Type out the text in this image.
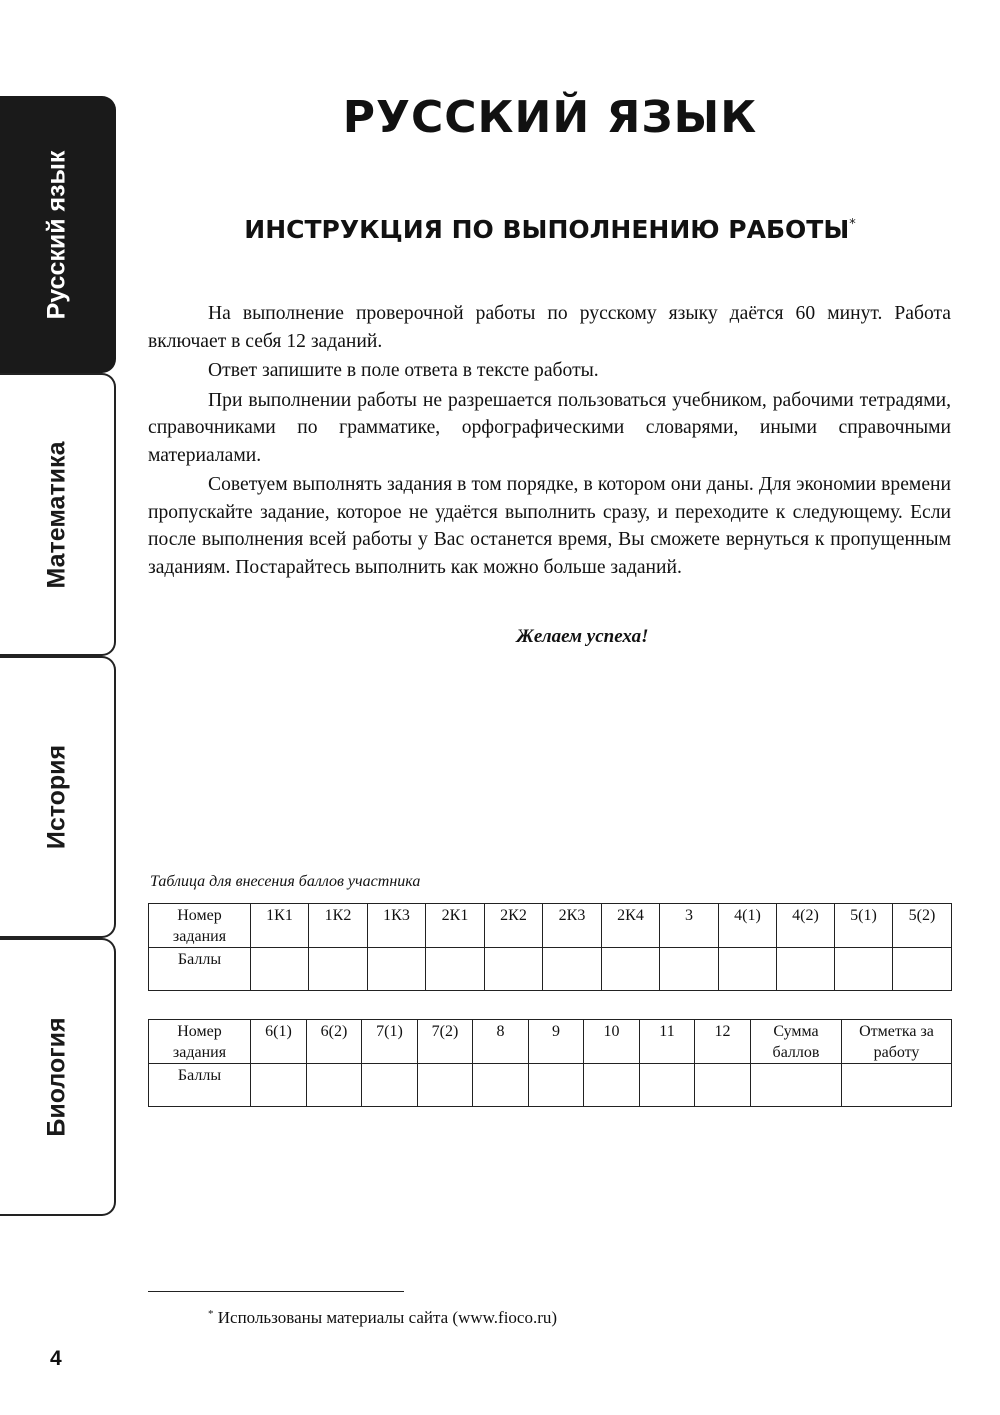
Русский язык
Математика
История
Биология
РУССКИЙ ЯЗЫК
ИНСТРУКЦИЯ ПО ВЫПОЛНЕНИЮ РАБОТЫ*

На выполнение проверочной работы по русскому языку даётся 60 минут. Работа включает в себя 12 заданий.

Ответ запишите в поле ответа в тексте работы.

При выполнении работы не разрешается пользоваться учебником, рабочими тетрадями, справочниками по грамматике, орфографическими словарями, иными справочными материалами.

Советуем выполнять задания в том порядке, в котором они даны. Для экономии времени пропускайте задание, которое не удаётся выполнить сразу, и переходите к следующему. Если после выполнения всей работы у Вас останется время, Вы сможете вернуться к пропущенным заданиям. Постарайтесь выполнить как можно больше заданий.

Желаем успеха!
Таблица для внесения баллов участника
Номер задания	1К1	1К2	1К3	2К1	2К2	2К3	2К4	3	4(1)	4(2)	5(1)	5(2)
Баллы												
Номер задания	6(1)	6(2)	7(1)	7(2)	8	9	10	11	12	Сумма баллов	Отметка за работу
Баллы											
* Использованы материалы сайта (www.fioco.ru)
4
